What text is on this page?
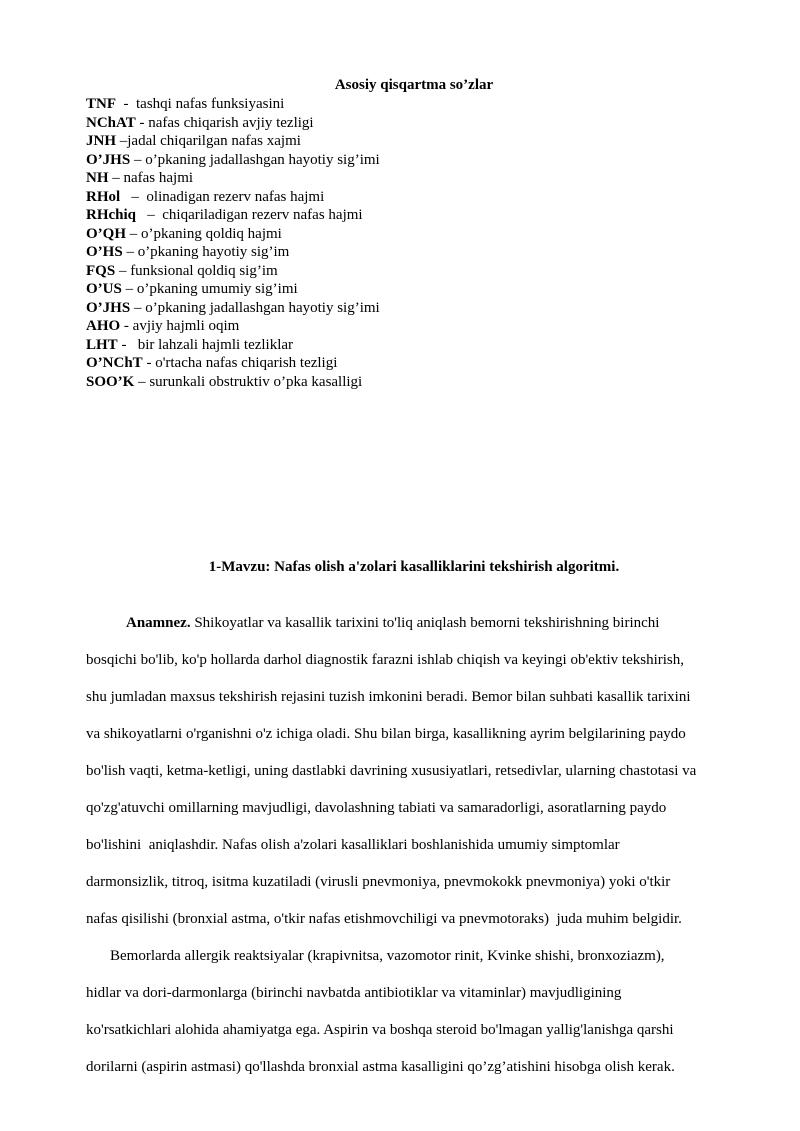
Asosiy qisqartma so’zlar
TNF  -  tashqi nafas funksiyasini
NChAT - nafas chiqarish avjiy tezligi
JNH –jadal chiqarilgan nafas xajmi
O’JHS – o’pkaning jadallashgan hayotiy sig’imi
NH – nafas hajmi
RHol   –  olinadigan rezerv nafas hajmi
RHchiq   –  chiqariladigan rezerv nafas hajmi
O’QH – o’pkaning qoldiq hajmi
O’HS – o’pkaning hayotiy sig’im
FQS – funksional qoldiq sig’im
O’US – o’pkaning umumiy sig’imi
O’JHS – o’pkaning jadallashgan hayotiy sig’imi
AHO - avjiy hajmli oqim
LHT -   bir lahzali hajmli tezliklar
O’NChT - o'rtacha nafas chiqarish tezligi
SOO’K – surunkali obstruktiv o’pka kasalligi
1-Mavzu: Nafas olish a'zolari kasalliklarini tekshirish algoritmi.
Anamnez. Shikoyatlar va kasallik tarixini to'liq aniqlash bemorni tekshirishning birinchi
bosqichi bo'lib, ko'p hollarda darhol diagnostik farazni ishlab chiqish va keyingi ob'ektiv tekshirish,
shu jumladan maxsus tekshirish rejasini tuzish imkonini beradi. Bemor bilan suhbati kasallik tarixini
va shikoyatlarni o'rganishni o'z ichiga oladi. Shu bilan birga, kasallikning ayrim belgilarining paydo
bo'lish vaqti, ketma-ketligi, uning dastlabki davrining xususiyatlari, retsedivlar, ularning chastotasi va
qo'zg'atuvchi omillarning mavjudligi, davolashning tabiati va samaradorligi, asoratlarning paydo
bo'lishini  aniqlashdir. Nafas olish a'zolari kasalliklari boshlanishida umumiy simptomlar
darmonsizlik, titroq, isitma kuzatiladi (virusli pnevmoniya, pnevmokokk pnevmoniya) yoki o'tkir
nafas qisilishi (bronxial astma, o'tkir nafas etishmovchiligi va pnevmotoraks)  juda muhim belgidir.
Bemorlarda allergik reaktsiyalar (krapivnitsa, vazomotor rinit, Kvinke shishi, bronxoziazm),
hidlar va dori-darmonlarga (birinchi navbatda antibiotiklar va vitaminlar) mavjudligining
ko'rsatkichlari alohida ahamiyatga ega. Aspirin va boshqa steroid bo'lmagan yallig'lanishga qarshi
dorilarni (aspirin astmasi) qo'llashda bronxial astma kasalligini qo’zg’atishini hisobga olish kerak.
